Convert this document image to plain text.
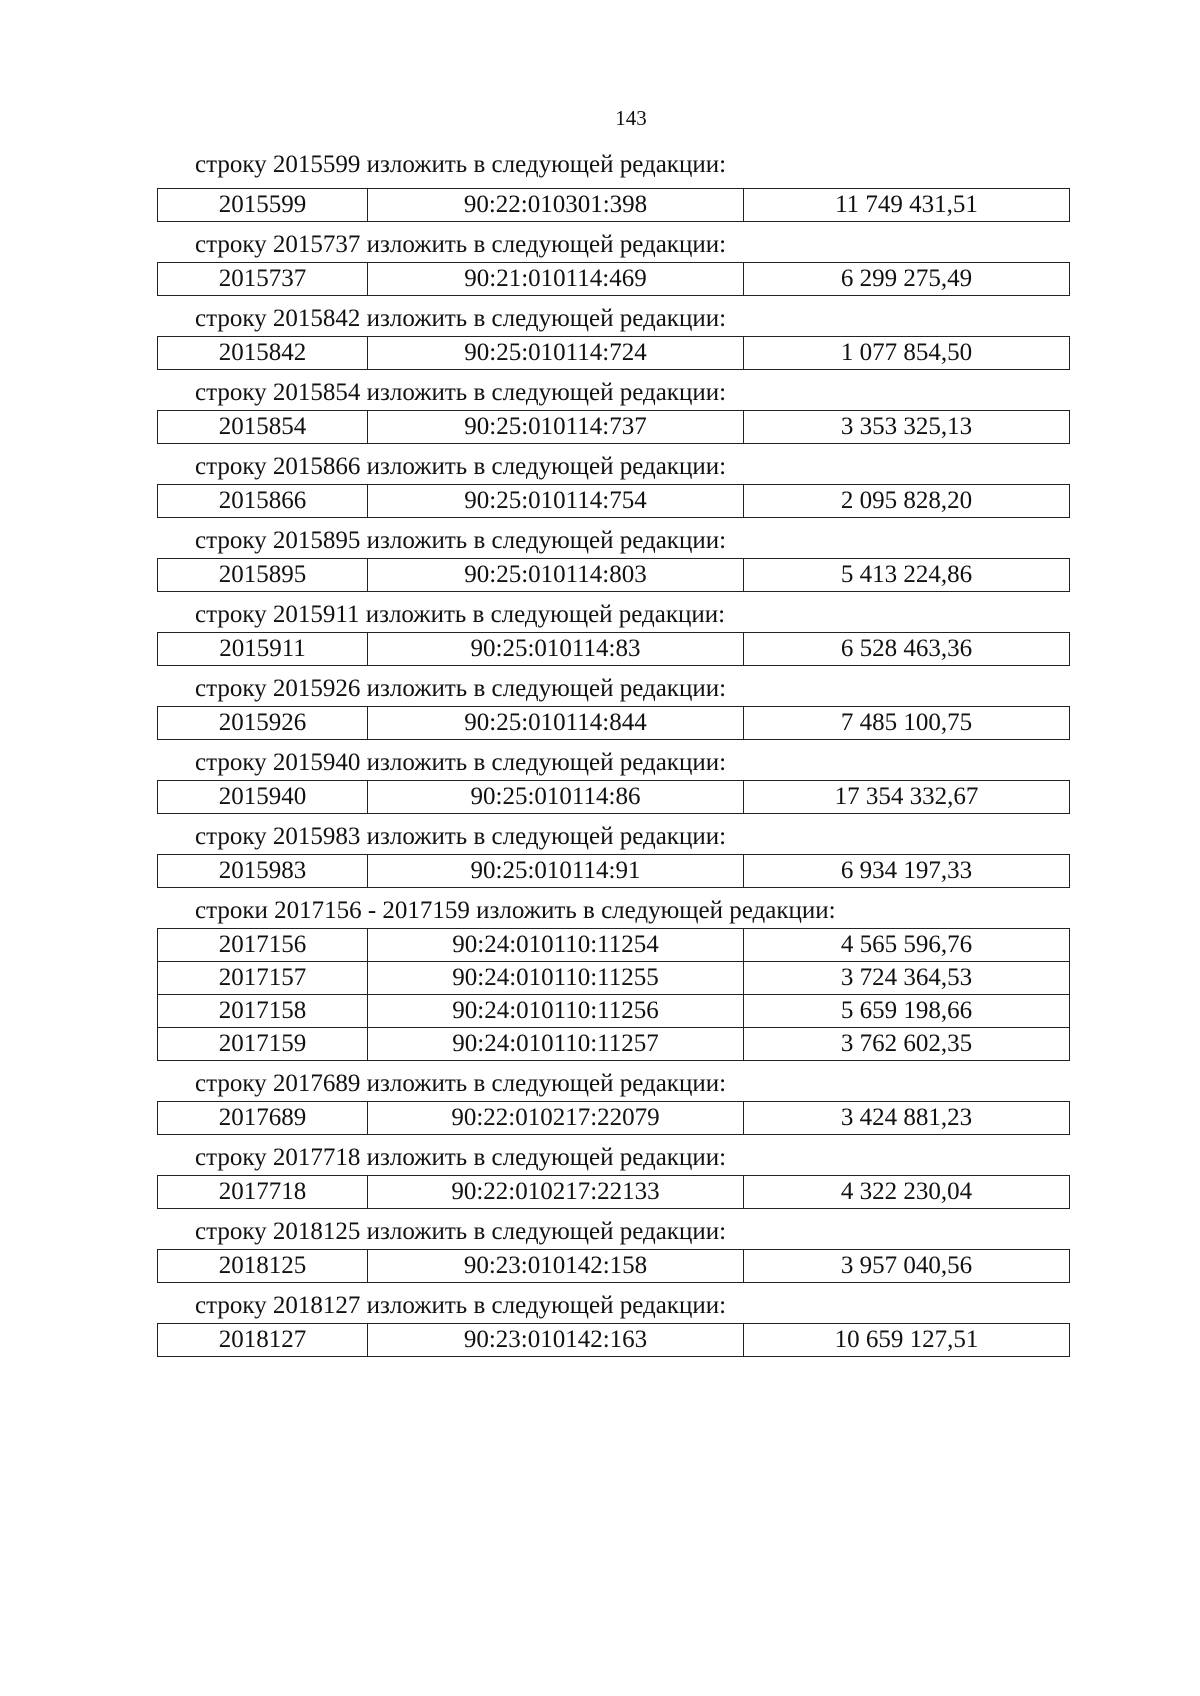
143
строку 2015599 изложить в следующей редакции:
2015599	90:22:010301:398	11 749 431,51
строку 2015737 изложить в следующей редакции:
2015737	90:21:010114:469	6 299 275,49
строку 2015842 изложить в следующей редакции:
2015842	90:25:010114:724	1 077 854,50
строку 2015854 изложить в следующей редакции:
2015854	90:25:010114:737	3 353 325,13
строку 2015866 изложить в следующей редакции:
2015866	90:25:010114:754	2 095 828,20
строку 2015895 изложить в следующей редакции:
2015895	90:25:010114:803	5 413 224,86
строку 2015911 изложить в следующей редакции:
2015911	90:25:010114:83	6 528 463,36
строку 2015926 изложить в следующей редакции:
2015926	90:25:010114:844	7 485 100,75
строку 2015940 изложить в следующей редакции:
2015940	90:25:010114:86	17 354 332,67
строку 2015983 изложить в следующей редакции:
2015983	90:25:010114:91	6 934 197,33
строки 2017156 - 2017159 изложить в следующей редакции:
2017156	90:24:010110:11254	4 565 596,76
2017157	90:24:010110:11255	3 724 364,53
2017158	90:24:010110:11256	5 659 198,66
2017159	90:24:010110:11257	3 762 602,35
строку 2017689 изложить в следующей редакции:
2017689	90:22:010217:22079	3 424 881,23
строку 2017718 изложить в следующей редакции:
2017718	90:22:010217:22133	4 322 230,04
строку 2018125 изложить в следующей редакции:
2018125	90:23:010142:158	3 957 040,56
строку 2018127 изложить в следующей редакции:
2018127	90:23:010142:163	10 659 127,51
